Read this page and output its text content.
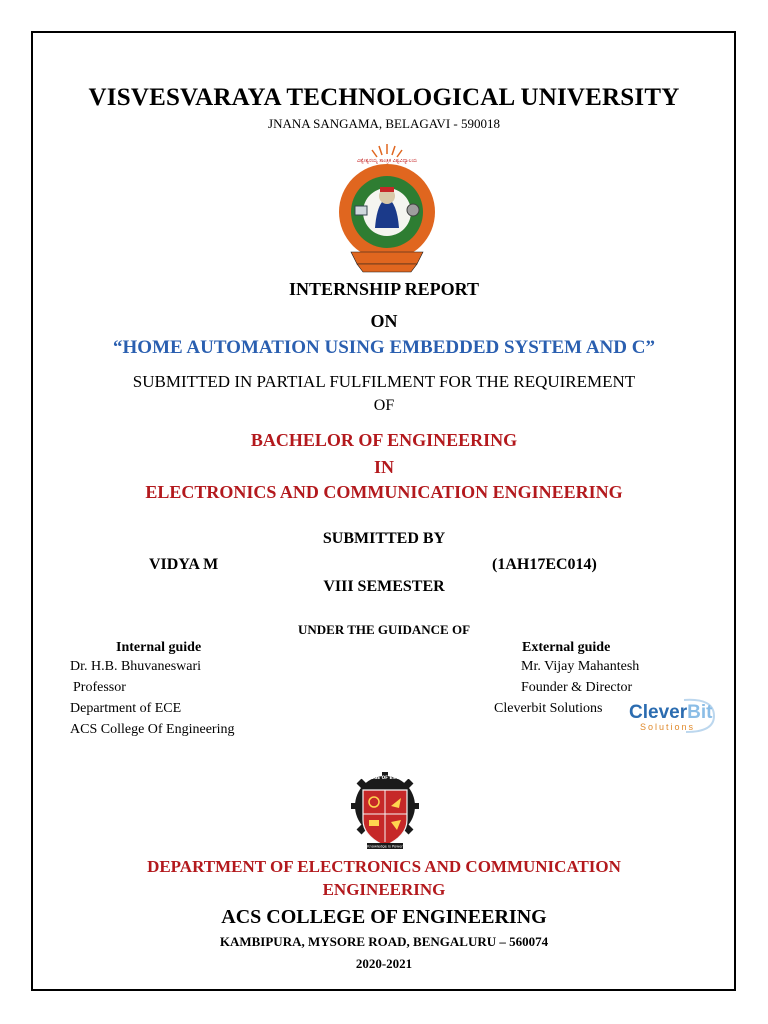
VISVESVARAYA TECHNOLOGICAL UNIVERSITY
JNANA SANGAMA, BELAGAVI - 590018
ವಿಶ್ವೇಶ್ವರಯ್ಯ ತಾಂತ್ರಿಕ ವಿಶ್ವವಿದ್ಯಾಲಯ
INTERNSHIP REPORT
ON
“HOME AUTOMATION USING EMBEDDED SYSTEM AND C”
SUBMITTED IN PARTIAL FULFILMENT FOR THE REQUIREMENT
OF
BACHELOR OF ENGINEERING
IN
ELECTRONICS AND COMMUNICATION ENGINEERING
SUBMITTED BY
VIDYA M	(1AH17EC014)
VIII SEMESTER
UNDER THE GUIDANCE OF
Internal guide
Dr. H.B. Bhuvaneswari
Professor
Department of ECE
ACS College Of Engineering
External guide
Mr. Vijay Mahantesh
Founder & Director
Cleverbit Solutions CleverBit
Solutions
ACS COLLEGE OF ENGINEERING
Knowledge is Power
DEPARTMENT OF ELECTRONICS AND COMMUNICATION
ENGINEERING
ACS COLLEGE OF ENGINEERING
KAMBIPURA, MYSORE ROAD, BENGALURU – 560074
2020-2021
